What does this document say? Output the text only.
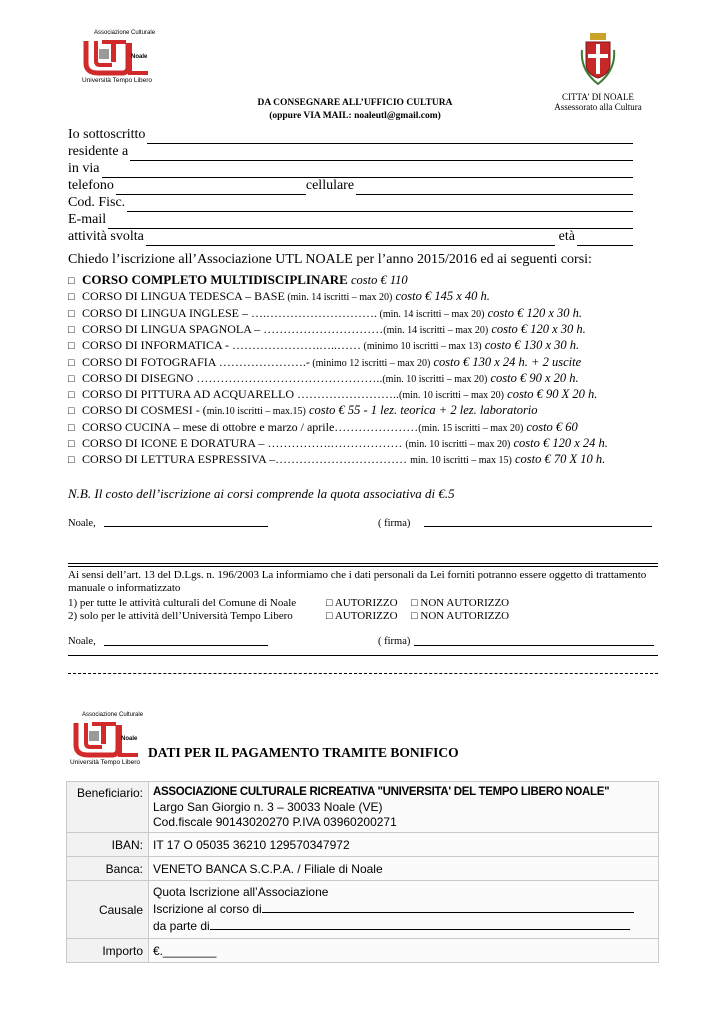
Associazione Culturale
Noale
Università Tempo Libero
DA CONSEGNARE ALL’UFFICIO CULTURA
(oppure VIA MAIL: noaleutl@gmail.com)
CITTA' DI NOALE
Assessorato alla Cultura
Io sottoscritto
residente a
in via
telefono	cellulare
Cod. Fisc.
E-mail
attività svolta	età
Chiedo l’iscrizione all’Associazione UTL NOALE per l’anno 2015/2016 ed ai seguenti corsi:
□ CORSO COMPLETO MULTIDISCIPLINARE costo € 110
□ CORSO DI LINGUA TEDESCA – BASE (min. 14 iscritti – max 20) costo € 145 x 40 h.
□ CORSO DI LINGUA INGLESE – ….………………………. (min. 14 iscritti – max 20) costo € 120 x 30 h.
□ CORSO DI LINGUA SPAGNOLA – …………………………(min. 14 iscritti – max 20) costo € 120 x 30 h.
□ CORSO DI INFORMATICA - ………………….…..…… (minimo 10 iscritti – max 13) costo € 130 x 30 h.
□ CORSO DI FOTOGRAFIA ………………….- (minimo 12 iscritti – max 20) costo € 130 x 24 h. + 2 uscite
□ CORSO DI DISEGNO ………………………………………..(min. 10 iscritti – max 20) costo € 90 x 20 h.
□ CORSO DI PITTURA AD ACQUARELLO ……………………..(min. 10 iscritti – max 20) costo € 90 X 20 h.
□ CORSO DI COSMESI - (min.10 iscritti – max.15) costo € 55 - 1 lez. teorica + 2 lez. laboratorio
□ CORSO CUCINA – mese di ottobre e marzo / aprile…………………(min. 15 iscritti – max 20) costo € 60
□ CORSO DI ICONE E DORATURA – …………….……………… (min. 10 iscritti – max 20) costo € 120 x 24 h.
□ CORSO DI LETTURA ESPRESSIVA –…………………………… min. 10 iscritti – max 15) costo € 70 X 10 h.
N.B. Il costo dell’iscrizione ai corsi comprende la quota associativa di €.5
Noale,	( firma)
Ai sensi dell’art. 13 del D.Lgs. n. 196/2003 La informiamo che i dati personali da Lei forniti potranno essere oggetto di trattamento manuale o informatizzato
1) per tutte le attività culturali del Comune di Noale	□ AUTORIZZO □ NON AUTORIZZO
2) solo per le attività dell’Università Tempo Libero	□ AUTORIZZO □ NON AUTORIZZO
Noale,	( firma)
Associazione Culturale
Noale
Università Tempo Libero
DATI PER IL PAGAMENTO TRAMITE BONIFICO
Beneficiario:	ASSOCIAZIONE CULTURALE RICREATIVA "UNIVERSITA' DEL TEMPO LIBERO NOALE"
Largo San Giorgio n. 3 – 30033 Noale (VE)
Cod.fiscale 90143020270 P.IVA 03960200271

IBAN:	IT 17 O 05035 36210 129570347972
Banca:	VENETO BANCA S.C.P.A. / Filiale di Noale
Causale	Quota Iscrizione all’Associazione
Iscrizione al corso di
da parte di

Importo	€.________
